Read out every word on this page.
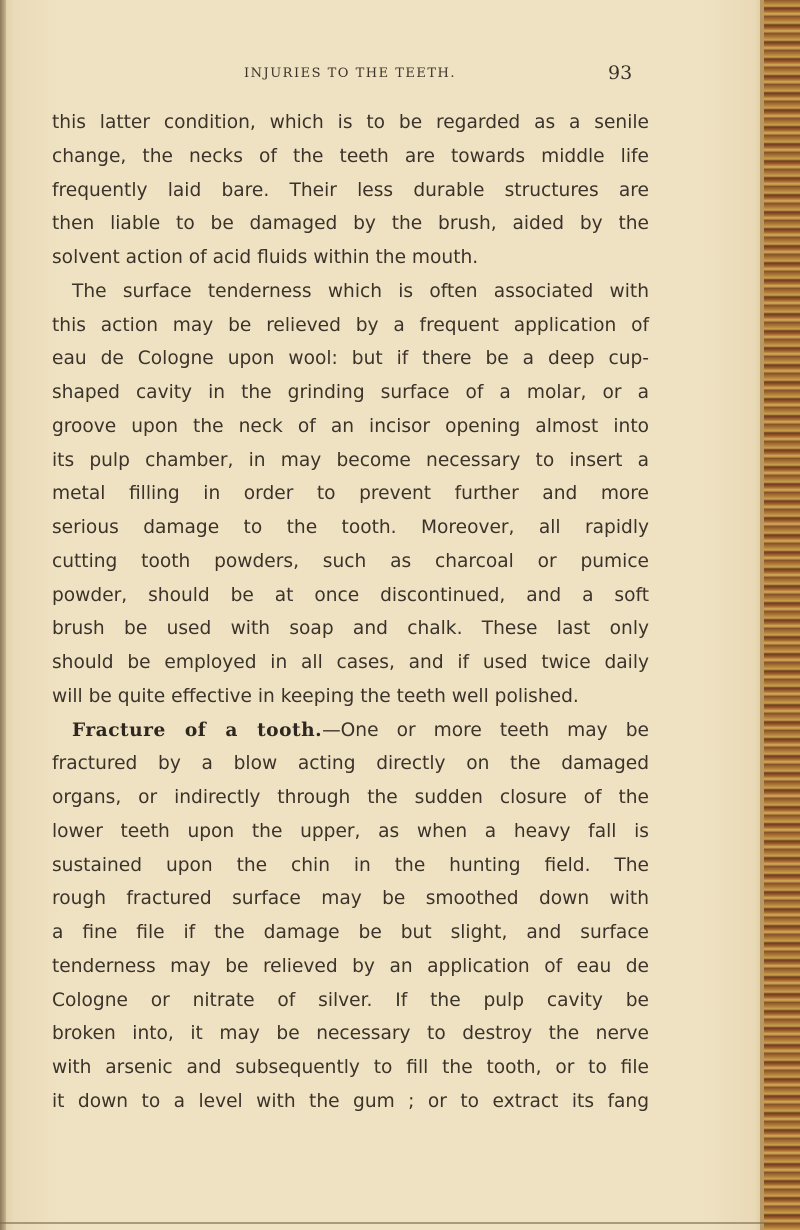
INJURIES TO THE TEETH.	93
this latter condition, which is to be regarded as a senile
change, the necks of the teeth are towards middle life
frequently laid bare. Their less durable structures are
then liable to be damaged by the brush, aided by the
solvent action of acid fluids within the mouth.
The surface tenderness which is often associated with
this action may be relieved by a frequent application of
eau de Cologne upon wool: but if there be a deep cup-
shaped cavity in the grinding surface of a molar, or a
groove upon the neck of an incisor opening almost into
its pulp chamber, in may become necessary to insert a
metal filling in order to prevent further and more
serious damage to the tooth. Moreover, all rapidly
cutting tooth powders, such as charcoal or pumice
powder, should be at once discontinued, and a soft
brush be used with soap and chalk. These last only
should be employed in all cases, and if used twice daily
will be quite effective in keeping the teeth well polished.
Fracture of a tooth.—One or more teeth may be
fractured by a blow acting directly on the damaged
organs, or indirectly through the sudden closure of the
lower teeth upon the upper, as when a heavy fall is
sustained upon the chin in the hunting field. The
rough fractured surface may be smoothed down with
a fine file if the damage be but slight, and surface
tenderness may be relieved by an application of eau de
Cologne or nitrate of silver. If the pulp cavity be
broken into, it may be necessary to destroy the nerve
with arsenic and subsequently to fill the tooth, or to file
it down to a level with the gum ; or to extract its fang
